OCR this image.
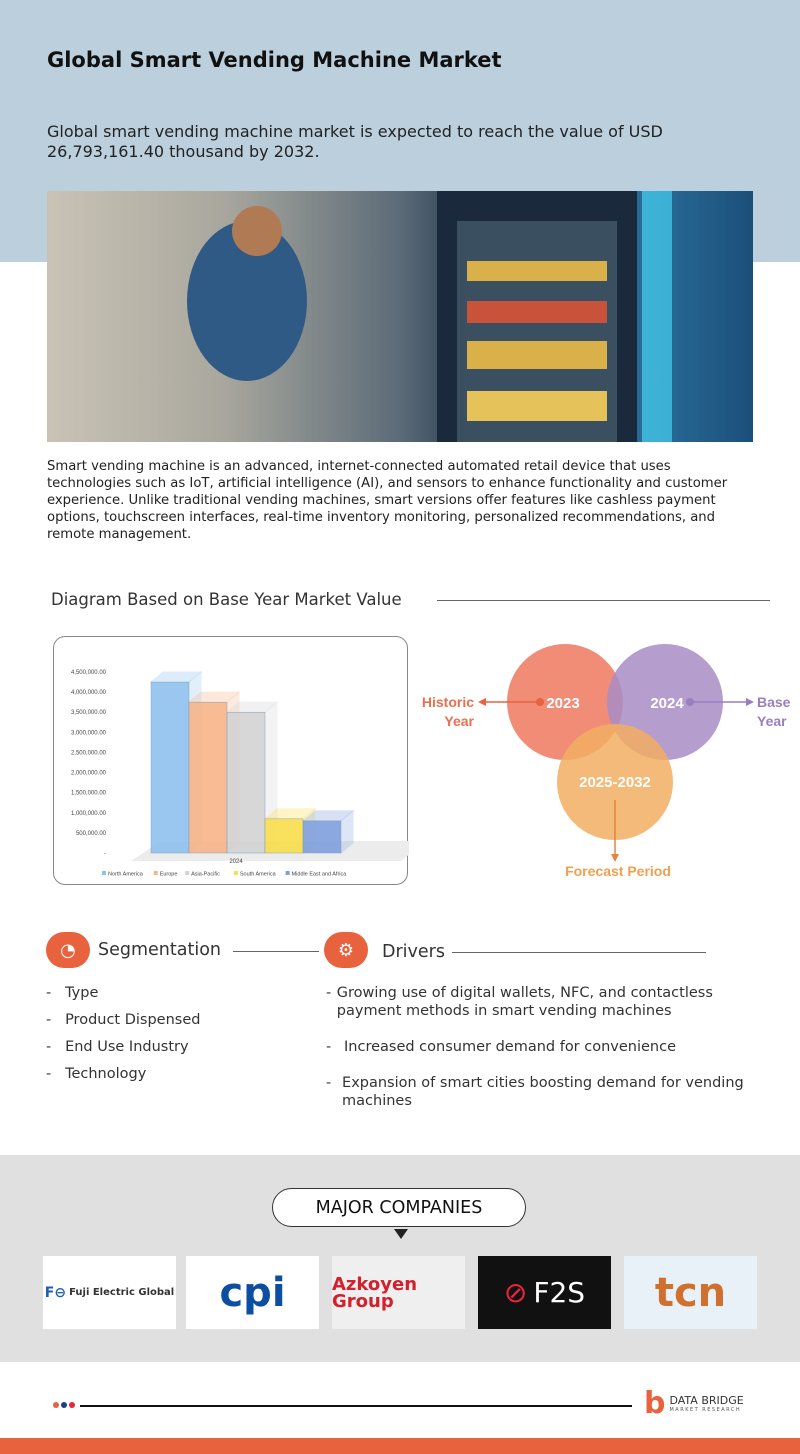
Global Smart Vending Machine Market
Global smart vending machine market is expected to reach the value of USD 26,793,161.40 thousand by 2032.
Smart vending machine is an advanced, internet-connected automated retail device that uses technologies such as IoT, artificial intelligence (AI), and sensors to enhance functionality and customer experience. Unlike traditional vending machines, smart versions offer features like cashless payment options, touchscreen interfaces, real-time inventory monitoring, personalized recommendations, and remote management.
Diagram Based on Base Year Market Value
-
500,000.00
1,000,000.00
1,500,000.00
2,000,000.00
2,500,000.00
3,000,000.00
3,500,000.00
4,000,000.00
4,500,000.00
2024
North America	Europe Asia-Pacific	South America	Middle East and Africa
2023	2024
2025-2032
Historic
Year
Base
Year
Forecast Period
◔	Segmentation
-   Type
-   Product Dispensed
-   End Use Industry
-   Technology
⚙	Drivers
- Growing use of digital wallets, NFC, and contactless payment methods in smart vending machines
- Increased consumer demand for convenience
- Expansion of smart cities boosting demand for vending machines
MAJOR COMPANIES
F⊖ Fuji Electric Global	cpi	Azkoyen Group	⊘ F2S	tcn
b DATA BRIDGE
MARKET RESEARCH
